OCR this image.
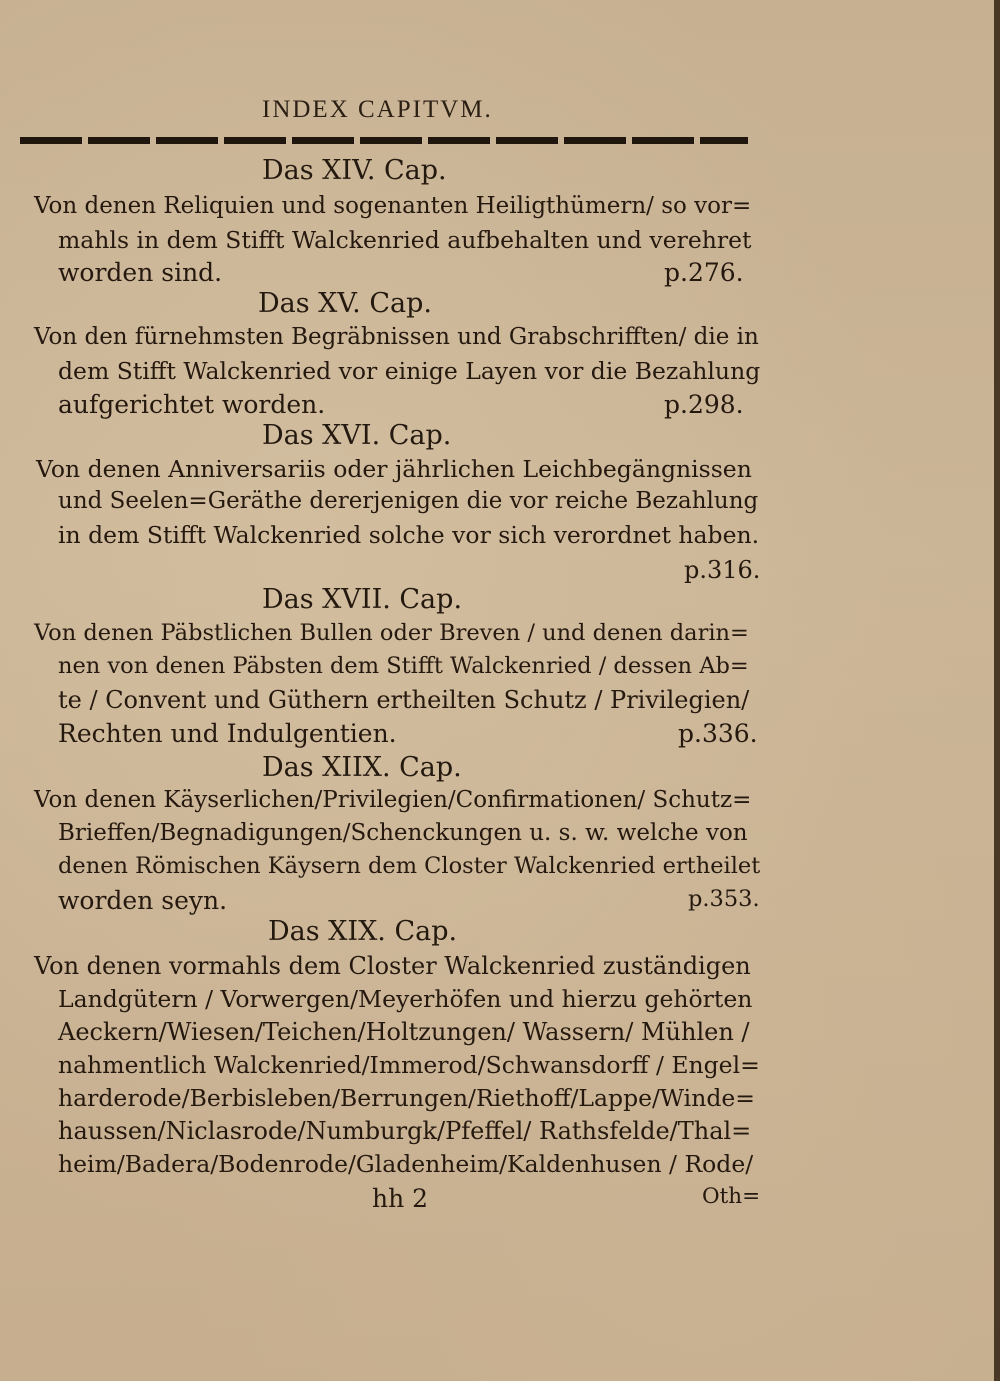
INDEX CAPITVM.
Das XIV. Cap.
Von denen Reliquien und sogenanten Heiligthümern/ so vor=
mahls in dem Stifft Walckenried aufbehalten und verehret
worden sind.	p.276.
Das XV. Cap.
Von den fürnehmsten Begräbnissen und Grabschrifften/ die in
dem Stifft Walckenried vor einige Layen vor die Bezahlung
aufgerichtet worden.	p.298.
Das XVI. Cap.
Von denen Anniversariis oder jährlichen Leichbegängnissen
und Seelen=Geräthe dererjenigen die vor reiche Bezahlung
in dem Stifft Walckenried solche vor sich verordnet haben.
p.316.
Das XVII. Cap.
Von denen Päbstlichen Bullen oder Breven / und denen darin=
nen von denen Päbsten dem Stifft Walckenried / dessen Ab=
te / Convent und Güthern ertheilten Schutz / Privilegien/
Rechten und Indulgentien.	p.336.
Das XIIX. Cap.
Von denen Käyserlichen/Privilegien/Confirmationen/ Schutz=
Brieffen/Begnadigungen/Schenckungen u. s. w. welche von
denen Römischen Käysern dem Closter Walckenried ertheilet
worden seyn.	p.353.
Das XIX. Cap.
Von denen vormahls dem Closter Walckenried zuständigen
Landgütern / Vorwergen/Meyerhöfen und hierzu gehörten
Aeckern/Wiesen/Teichen/Holtzungen/ Wassern/ Mühlen /
nahmentlich Walckenried/Immerod/Schwansdorff / Engel=
harderode/Berbisleben/Berrungen/Riethoff/Lappe/Winde=
haussen/Niclasrode/Numburgk/Pfeffel/ Rathsfelde/Thal=
heim/Badera/Bodenrode/Gladenheim/Kaldenhusen / Rode/
hh 2	Oth=
